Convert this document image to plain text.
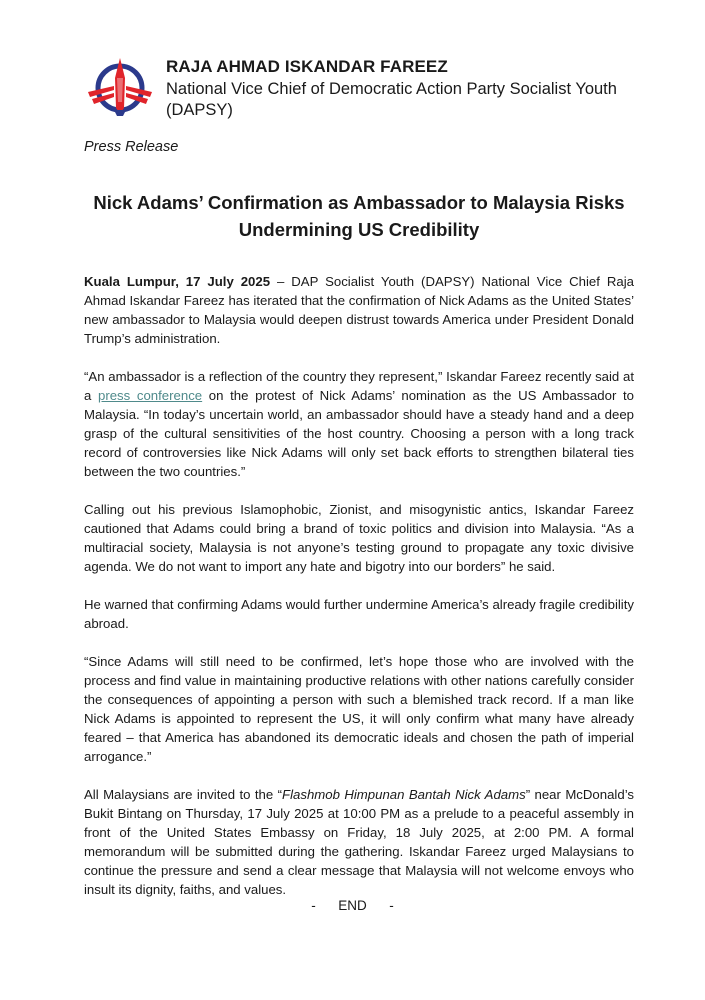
RAJA AHMAD ISKANDAR FAREEZ
National Vice Chief of Democratic Action Party Socialist Youth (DAPSY)
Press Release
Nick Adams’ Confirmation as Ambassador to Malaysia Risks Undermining US Credibility

Kuala Lumpur, 17 July 2025 – DAP Socialist Youth (DAPSY) National Vice Chief Raja Ahmad Iskandar Fareez has iterated that the confirmation of Nick Adams as the United States’ new ambassador to Malaysia would deepen distrust towards America under President Donald Trump’s administration.

“An ambassador is a reflection of the country they represent,” Iskandar Fareez recently said at a press conference on the protest of Nick Adams’ nomination as the US Ambassador to Malaysia. “In today’s uncertain world, an ambassador should have a steady hand and a deep grasp of the cultural sensitivities of the host country. Choosing a person with a long track record of controversies like Nick Adams will only set back efforts to strengthen bilateral ties between the two countries.”

Calling out his previous Islamophobic, Zionist, and misogynistic antics, Iskandar Fareez cautioned that Adams could bring a brand of toxic politics and division into Malaysia. “As a multiracial society, Malaysia is not anyone’s testing ground to propagate any toxic divisive agenda. We do not want to import any hate and bigotry into our borders” he said.

He warned that confirming Adams would further undermine America’s already fragile credibility abroad.

“Since Adams will still need to be confirmed, let’s hope those who are involved with the process and find value in maintaining productive relations with other nations carefully consider the consequences of appointing a person with such a blemished track record. If a man like Nick Adams is appointed to represent the US, it will only confirm what many have already feared – that America has abandoned its democratic ideals and chosen the path of imperial arrogance.”

All Malaysians are invited to the “Flashmob Himpunan Bantah Nick Adams” near McDonald’s Bukit Bintang on Thursday, 17 July 2025 at 10:00 PM as a prelude to a peaceful assembly in front of the United States Embassy on Friday, 18 July 2025, at 2:00 PM. A formal memorandum will be submitted during the gathering. Iskandar Fareez urged Malaysians to continue the pressure and send a clear message that Malaysia will not welcome envoys who insult its dignity, faiths, and values.

-      END      -
